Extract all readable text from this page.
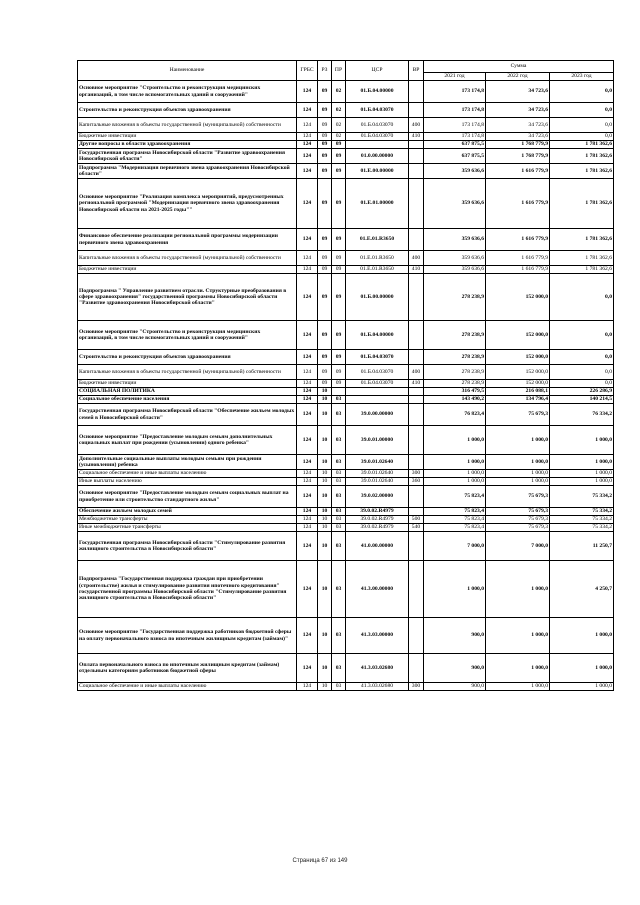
Наименование	ГРБС	РЗ	ПР	ЦСР	ВР	Сумма		
						2021 год	2022 год	2023 год
Основное мероприятие "Строительство и реконструкция медицинских организаций, в том числе вспомогательных зданий и сооружений"	124	09	02	01.Б.04.00000		173 174,8	34 723,6	0,0
Строительство и реконструкция объектов здравоохранения	124	09	02	01.Б.04.03070		173 174,8	34 723,6	0,0
Капитальные вложения в объекты государственной (муниципальной) собственности	124	09	02	01.Б.04.03070	400	173 174,8	34 723,6	0,0
Бюджетные инвестиции	124	09	02	01.Б.04.03070	410	173 174,8	34 723,6	0,0
Другие вопросы в области здравоохранения	124	09	09			637 875,5	1 768 779,9	1 781 362,6
Государственная программа Новосибирской области "Развитие здравоохранения Новосибирской области"	124	09	09	01.0.00.00000		637 875,5	1 768 779,9	1 781 362,6
Подпрограмма "Модернизация первичного звена здравоохранения Новосибирской области"	124	09	09	01.Е.00.00000		359 636,6	1 616 779,9	1 781 362,6
Основное мероприятие "Реализация комплекса мероприятий, предусмотренных региональной программой "Модернизация первичного звена здравоохранения Новосибирской области на 2021-2025 годы""	124	09	09	01.Е.01.00000		359 636,6	1 616 779,9	1 781 362,6
Финансовое обеспечение реализации региональной программы модернизации первичного звена здравоохранения	124	09	09	01.Е.01.R3650		359 636,6	1 616 779,9	1 781 362,6
Капитальные вложения в объекты государственной (муниципальной) собственности	124	09	09	01.Е.01.R3650	400	359 636,6	1 616 779,9	1 781 362,6
Бюджетные инвестиции	124	09	09	01.Е.01.R3650	410	359 636,6	1 616 779,9	1 781 362,6
Подпрограмма " Управление развитием отрасли. Структурные преобразования в сфере здравоохранения" государственной программы Новосибирской области "Развитие здравоохранения Новосибирской области"	124	09	09	01.Б.00.00000		278 238,9	152 000,0	0,0
Основное мероприятие "Строительство и реконструкция медицинских организаций, в том числе вспомогательных зданий и сооружений"	124	09	09	01.Б.04.00000		278 238,9	152 000,0	0,0
Строительство и реконструкция объектов здравоохранения	124	09	09	01.Б.04.03070		278 238,9	152 000,0	0,0
Капитальные вложения в объекты государственной (муниципальной) собственности	124	09	09	01.Б.04.03070	400	278 238,9	152 000,0	0,0
Бюджетные инвестиции	124	09	09	01.Б.04.03070	410	278 238,9	152 000,0	0,0
СОЦИАЛЬНАЯ ПОЛИТИКА	124	10				316 479,5	216 088,1	226 286,9
Социальное обеспечение населения	124	10	03			143 490,2	134 796,4	140 214,5
Государственная программа Новосибирской области "Обеспечение жильем молодых семей в Новосибирской области"	124	10	03	39.0.00.00000		76 823,4	75 679,3	76 334,2
Основное мероприятие "Предоставление молодым семьям дополнительных социальных выплат при рождении (усыновлении) одного ребенка"	124	10	03	39.0.01.00000		1 000,0	1 000,0	1 000,0
Дополнительные социальные выплаты молодым семьям при рождении (усыновлении) ребенка	124	10	03	39.0.01.02640		1 000,0	1 000,0	1 000,0
Социальное обеспечение и иные выплаты населению	124	10	03	39.0.01.02640	300	1 000,0	1 000,0	1 000,0
Иные выплаты населению	124	10	03	39.0.01.02640	360	1 000,0	1 000,0	1 000,0
Основное мероприятие "Предоставление молодым семьям социальных выплат на приобретение или строительство стандартного жилья"	124	10	03	39.0.02.00000		75 823,4	75 679,3	75 334,2
Обеспечение жильем молодых семей	124	10	03	39.0.02.R4979		75 823,4	75 679,3	75 334,2
Межбюджетные трансферты	124	10	03	39.0.02.R4979	500	75 823,4	75 679,3	75 334,2
Иные межбюджетные трансферты	124	10	03	39.0.02.R4979	540	75 823,4	75 679,3	75 334,2
Государственная программа Новосибирской области "Стимулирование развития жилищного строительства в Новосибирской области"	124	10	03	41.0.00.00000		7 000,0	7 000,0	11 250,7
Подпрограмма "Государственная поддержка граждан при приобретении (строительстве) жилья и стимулирование развития ипотечного кредитования" государственной программы Новосибирской области "Стимулирование развития жилищного строительства в Новосибирской области"	124	10	03	41.3.00.00000		1 000,0	1 000,0	4 250,7
Основное мероприятие "Государственная поддержка работников бюджетной сферы на оплату первоначального взноса по ипотечным жилищным кредитам (займам)"	124	10	03	41.3.03.00000		900,0	1 000,0	1 000,0
Оплата первоначального взноса по ипотечным жилищным кредитам (займам) отдельным категориям работников бюджетной сферы	124	10	03	41.3.03.02680		900,0	1 000,0	1 000,0
Социальное обеспечение и иные выплаты населению	124	10	03	41.3.03.02680	300	900,0	1 000,0	1 000,0
Страница 67 из 149
